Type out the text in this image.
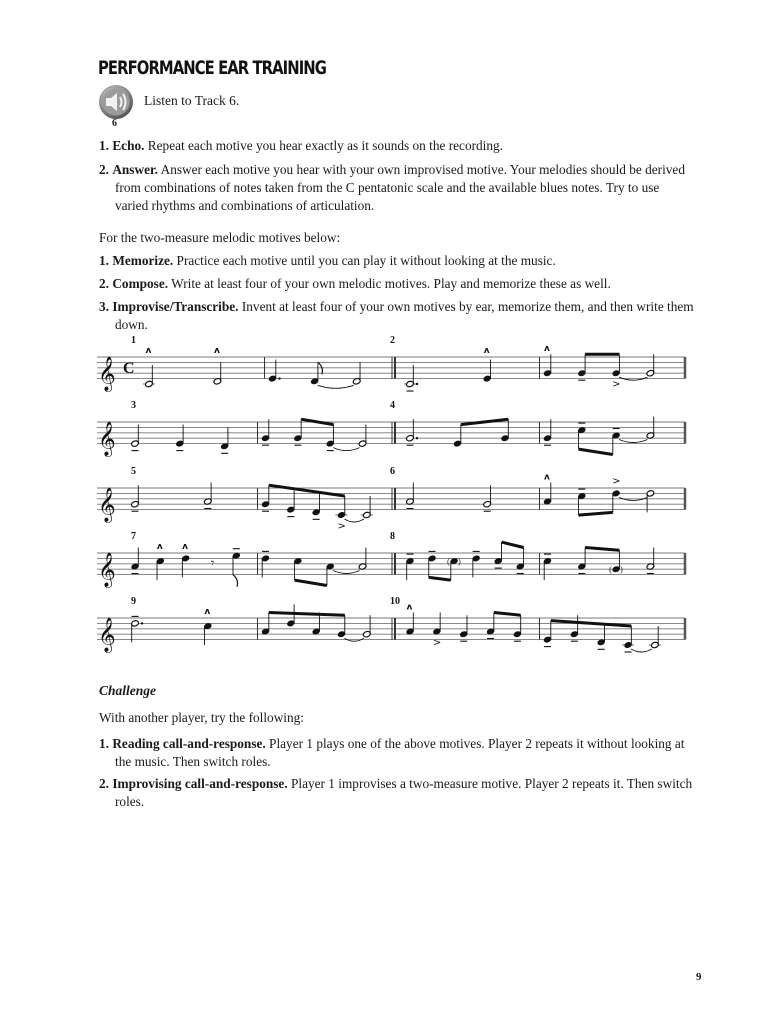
PERFORMANCE EAR TRAINING
6
Listen to Track 6.
1. Echo. Repeat each motive you hear exactly as it sounds on the recording.
2. Answer. Answer each motive you hear with your own improvised motive. Your melodies should be derived from combinations of notes taken from the C pentatonic scale and the available blues notes. Try to use varied rhythms and combinations of articulation.
For the two-measure melodic motives below:
1. Memorize. Practice each motive until you can play it without looking at the music.
2. Compose. Write at least four of your own melodic motives. Play and memorize these as well.
3. Improvise/Transcribe. Invent at least four of your own motives by ear, memorize them, and then write them down.
𝄞 C
1
ʌ	ʌ
2
ʌ	ʌ
>
𝄞
3	4
𝄞
5
>
6
ʌ	>
𝄞
7
ʌ ʌ
𝄾
8
( )
( )
𝄞
9
ʌ
10
ʌ
>
Challenge
With another player, try the following:
1. Reading call-and-response. Player 1 plays one of the above motives. Player 2 repeats it without looking at the music. Then switch roles.
2. Improvising call-and-response. Player 1 improvises a two-measure motive. Player 2 repeats it. Then switch roles.
9
